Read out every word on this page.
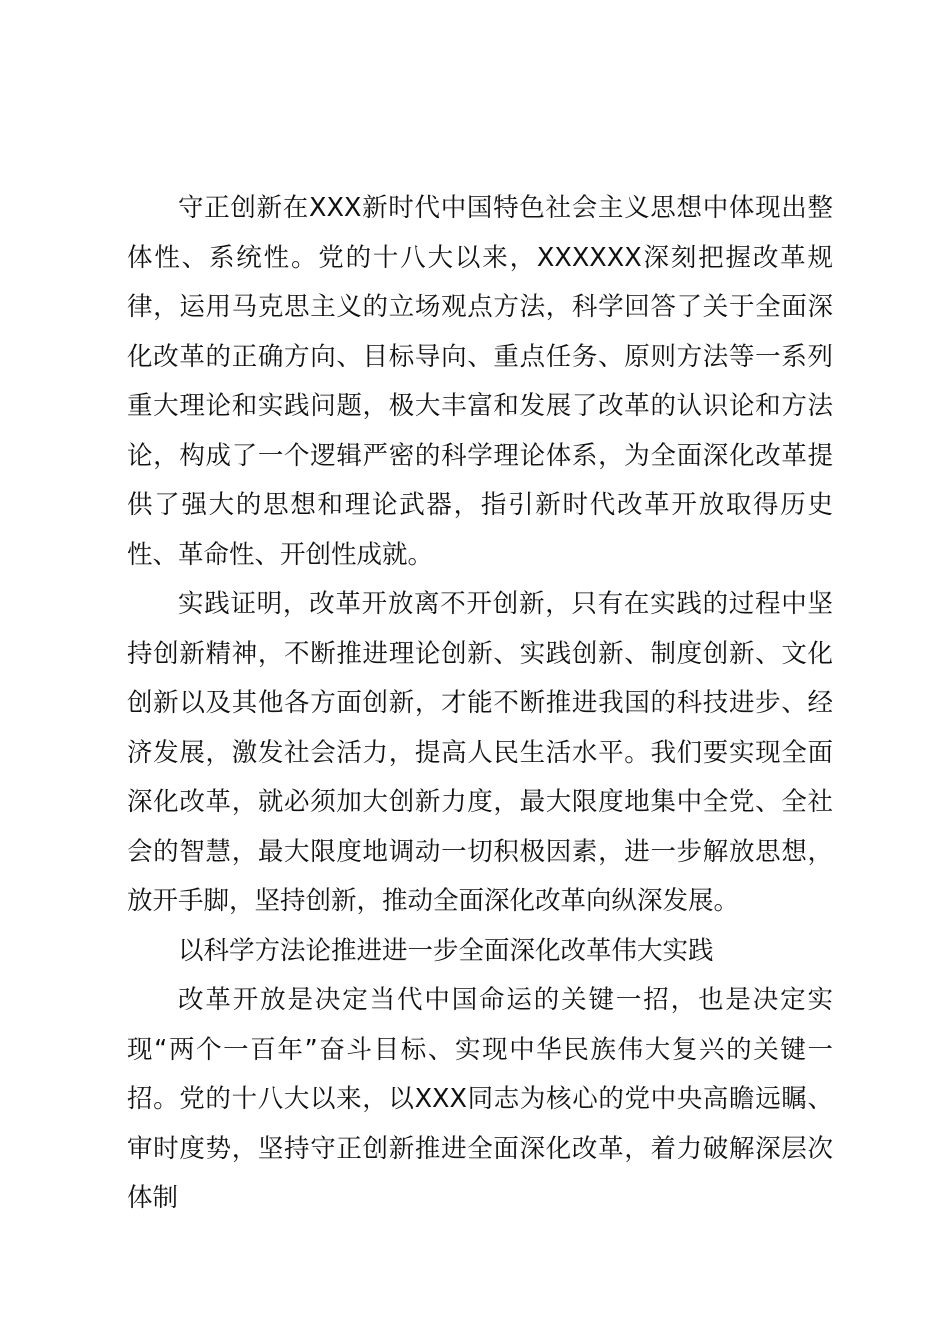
守正创新在XXX新时代中国特色社会主义思想中体现出整体性、系统性。党的十八大以来，XXXXXX深刻把握改革规律，运用马克思主义的立场观点方法，科学回答了关于全面深化改革的正确方向、目标导向、重点任务、原则方法等一系列重大理论和实践问题，极大丰富和发展了改革的认识论和方法论，构成了一个逻辑严密的科学理论体系，为全面深化改革提供了强大的思想和理论武器，指引新时代改革开放取得历史性、革命性、开创性成就。

实践证明，改革开放离不开创新，只有在实践的过程中坚持创新精神，不断推进理论创新、实践创新、制度创新、文化创新以及其他各方面创新，才能不断推进我国的科技进步、经济发展，激发社会活力，提高人民生活水平。我们要实现全面深化改革，就必须加大创新力度，最大限度地集中全党、全社会的智慧，最大限度地调动一切积极因素，进一步解放思想，放开手脚，坚持创新，推动全面深化改革向纵深发展。

以科学方法论推进进一步全面深化改革伟大实践

改革开放是决定当代中国命运的关键一招，也是决定实现“两个一百年”奋斗目标、实现中华民族伟大复兴的关键一招。党的十八大以来，以XXX同志为核心的党中央高瞻远瞩、审时度势，坚持守正创新推进全面深化改革，着力破解深层次体制
